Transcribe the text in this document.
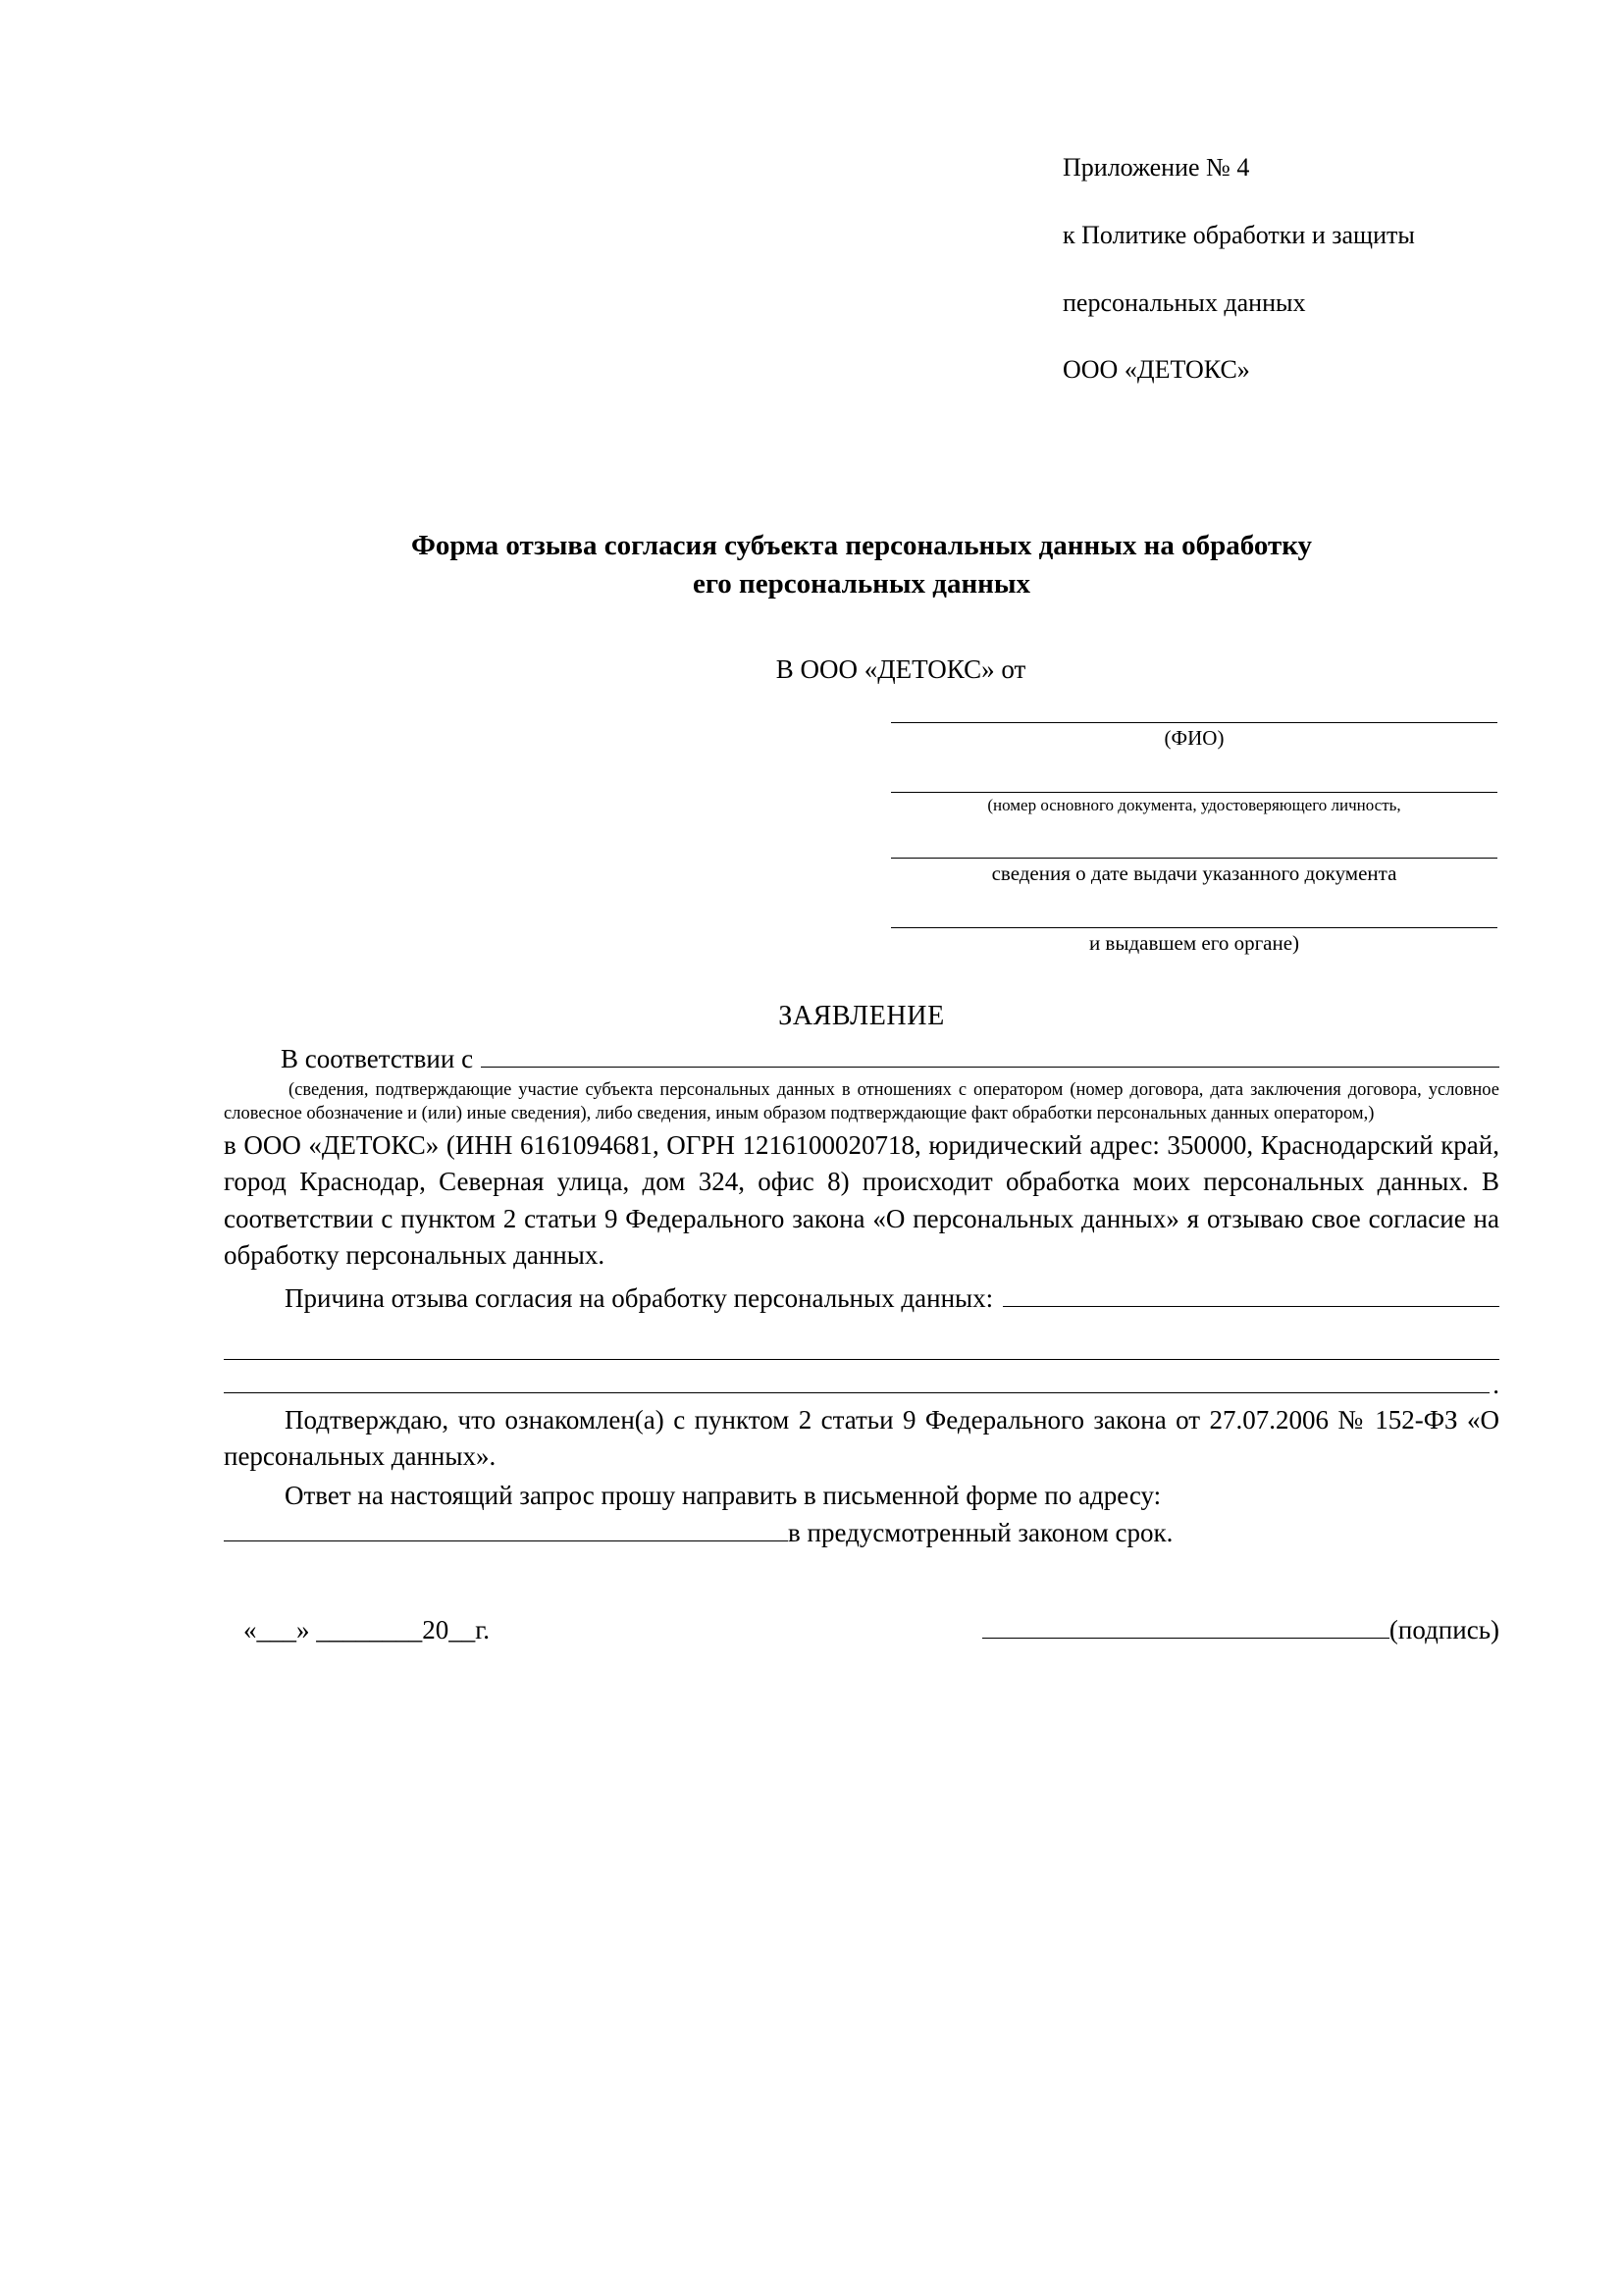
Приложение № 4

к Политике обработки и защиты

персональных данных

ООО «ДЕТОКС»

Форма отзыва согласия субъекта персональных данных на обработку
его персональных данных
В ООО «ДЕТОКС» от
(ФИО)
(номер основного документа, удостоверяющего личность,
сведения о дате выдачи указанного документа
и выдавшем его органе)
ЗАЯВЛЕНИЕ
В соответствии с
(сведения, подтверждающие участие субъекта персональных данных в отношениях с оператором (номер договора, дата заключения договора, условное словесное обозначение и (или) иные сведения), либо сведения, иным образом подтверждающие факт обработки персональных данных оператором,)
в ООО «ДЕТОКС» (ИНН 6161094681, ОГРН 1216100020718, юридический адрес: 350000, Краснодарский край, город Краснодар, Северная улица, дом 324, офис 8) происходит обработка моих персональных данных. В соответствии с пунктом 2 статьи 9 Федерального закона «О персональных данных» я отзываю свое согласие на обработку персональных данных.
Причина отзыва согласия на обработку персональных данных:
.
Подтверждаю, что ознакомлен(а) с пунктом 2 статьи 9 Федерального закона от 27.07.2006 № 152-ФЗ «О персональных данных».
Ответ на настоящий запрос прошу направить в письменной форме по адресу:
в предусмотренный законом срок.
«___» ________20__г.	(подпись)
